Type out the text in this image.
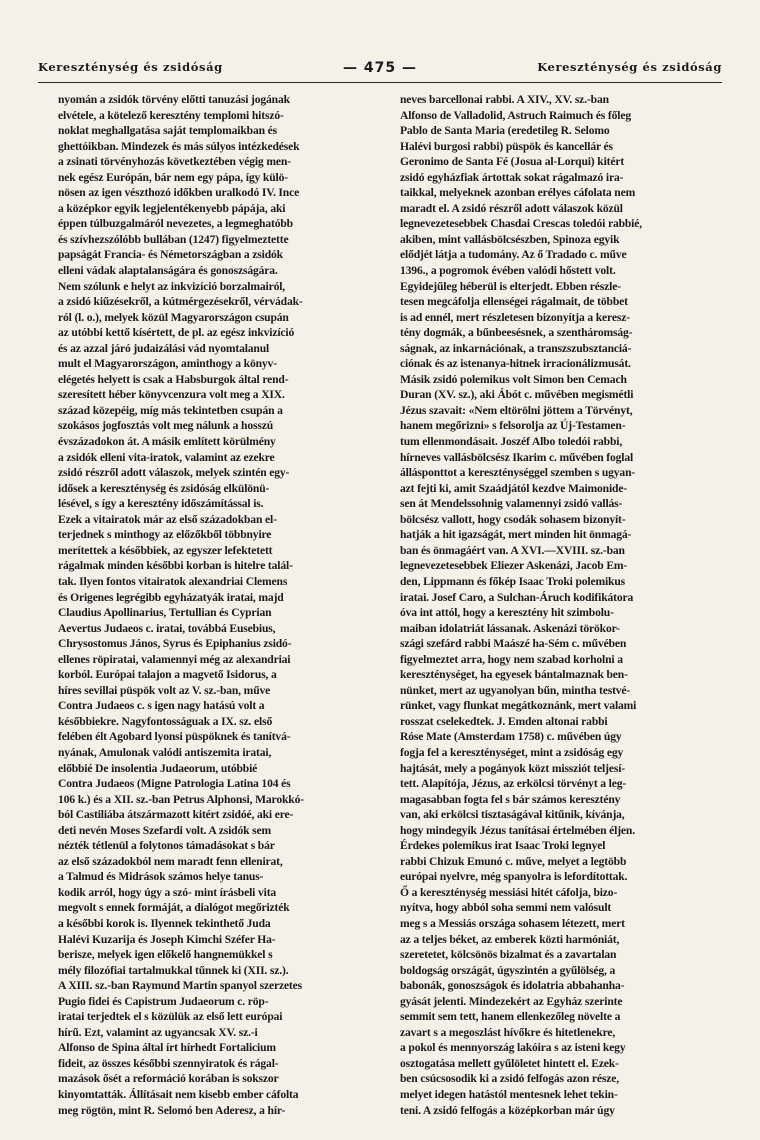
Kereszténység és zsidóság	— 475 —	Kereszténység és zsidóság
nyomán a zsidók törvény előtti tanuzási jogának
elvétele, a kötelező keresztény templomi hitszó-
noklat meghallgatása saját templomaikban és
ghettóikban. Mindezek és más súlyos intézkedések
a zsinati törvényhozás következtében végig men-
nek egész Európán, bár nem egy pápa, így külö-
nösen az igen vészthozó időkben uralkodó IV. Ince
a középkor egyik legjelentékenyebb pápája, aki
éppen túlbuzgalmáról nevezetes, a legmeghatóbb
és szívhezszólóbb bullában (1247) figyelmeztette
papságát Francia- és Németországban a zsidók
elleni vádak alaptalanságára és gonoszságára.
Nem szólunk e helyt az inkvizíció borzalmairól,
a zsidó kiűzésekről, a kútmérgezésekről, vérvádak-
ról (l. o.), melyek közül Magyarországon csupán
az utóbbi kettő kísértett, de pl. az egész inkvizíció
és az azzal járó judaizálási vád nyomtalanul
mult el Magyarországon, aminthogy a könyv-
elégetés helyett is csak a Habsburgok által rend-
szeresített héber könyvcenzura volt meg a XIX.
század közepéig, míg más tekintetben csupán a
szokásos jogfosztás volt meg nálunk a hosszú
évszázadokon át. A másik említett körülmény
a zsidók elleni vita-iratok, valamint az ezekre
zsidó részről adott válaszok, melyek szintén egy-
idősek a kereszténység és zsidóság elkülönü-
lésével, s így a keresztény időszámítással is.
Ezek a vitairatok már az első századokban el-
terjednek s minthogy az előzőkből többnyire
merítettek a későbbiek, az egyszer lefektetett
rágalmak minden későbbi korban is hitelre talál-
tak. Ilyen fontos vitairatok alexandriai Clemens
és Origenes legrégibb egyházatyák iratai, majd
Claudius Apollinarius, Tertullian és Cyprian
Aevertus Judaeos c. iratai, továbbá Eusebius,
Chrysostomus János, Syrus és Epiphanius zsidó-
ellenes röpiratai, valamennyi még az alexandriai
korból. Európai talajon a magvető Isidorus, a
híres sevillai püspök volt az V. sz.-ban, műve
Contra Judaeos c. s igen nagy hatású volt a
későbbiekre. Nagyfontosságuak a IX. sz. első
felében élt Agobard lyonsi püspöknek és tanítvá-
nyának, Amulonak valódi antiszemita iratai,
előbbié De insolentia Judaeorum, utóbbié
Contra Judaeos (Migne Patrologia Latina 104 és
106 k.) és a XII. sz.-ban Petrus Alphonsi, Marokkó-
ból Castiliába átszármazott kitért zsidóé, aki ere-
deti nevén Moses Szefardi volt. A zsidók sem
nézték tétlenül a folytonos támadásokat s bár
az első századokból nem maradt fenn ellenirat,
a Talmud és Midrások számos helye tanus-
kodik arról, hogy úgy a szó- mint írásbeli vita
megvolt s ennek formáját, a dialógot megőrizték
a későbbi korok is. Ilyennek tekinthető Juda
Halévi Kuzarija és Joseph Kimchi Széfer Ha-
berisze, melyek igen előkelő hangnemükkel s
mély filozófiai tartalmukkal tűnnek ki (XII. sz.).
A XIII. sz.-ban Raymund Martin spanyol szerzetes
Pugio fidei és Capistrum Judaeorum c. röp-
iratai terjedtek el s közülük az első lett európai
hírű. Ezt, valamint az ugyancsak XV. sz.-i
Alfonso de Spina által írt hírhedt Fortalicium
fideit, az összes későbbi szennyiratok és rágal-
mazások ősét a reformáció korában is sokszor
kinyomtatták. Állításait nem kisebb ember cáfolta
meg rögtön, mint R. Selomó ben Aderesz, a hír-
neves barcellonai rabbi. A XIV., XV. sz.-ban
Alfonso de Valladolid, Astruch Raimuch és főleg
Pablo de Santa Maria (eredetileg R. Selomo
Halévi burgosi rabbi) püspök és kancellár és
Geronimo de Santa Fé (Josua al-Lorqui) kitért
zsidó egyházfiak ártottak sokat rágalmazó ira-
taikkal, melyeknek azonban erélyes cáfolata nem
maradt el. A zsidó részről adott válaszok közül
legnevezetesebbek Chasdai Crescas toledói rabbié,
akiben, mint vallásbölcsészben, Spinoza egyik
elődjét látja a tudomány. Az ő Tradado c. műve
1396., a pogromok évében valódi hőstett volt.
Egyidejűleg héberül is elterjedt. Ebben részle-
tesen megcáfolja ellenségei rágalmait, de többet
is ad ennél, mert részletesen bizonyítja a keresz-
tény dogmák, a bűnbeesésnek, a szentháromság-
ságnak, az inkarnációnak, a transzszubsztanciá-
ciónak és az istenanya-hitnek irracionálizmusát.
Másik zsidó polemikus volt Simon ben Cemach
Duran (XV. sz.), aki Ábót c. művében megismétli
Jézus szavait: «Nem eltörölni jöttem a Törvényt,
hanem megőrizni» s felsorolja az Új-Testamen-
tum ellenmondásait. Joszéf Albo toledói rabbi,
hírneves vallásbölcsész Ikarim c. művében foglal
állásponttot a kereszténységgel szemben s ugyan-
azt fejti ki, amit Szaádjától kezdve Maimonide-
sen át Mendelssohnig valamennyi zsidó vallás-
bölcsész vallott, hogy csodák sohasem bizonyít-
hatják a hit igazságát, mert minden hit önmagá-
ban és önmagáért van. A XVI.—XVIII. sz.-ban
legnevezetesebbek Eliezer Askenázi, Jacob Em-
den, Lippmann és főkép Isaac Troki polemikus
iratai. Josef Caro, a Sulchan-Áruch kodifikátora
óva int attól, hogy a keresztény hit szimbolu-
maiban idolatriát lássanak. Askenázi törökor-
szági szefárd rabbi Maászé ha-Sém c. művében
figyelmeztet arra, hogy nem szabad korholni a
kereszténységet, ha egyesek bántalmaznak ben-
nünket, mert az ugyanolyan bűn, mintha testvé-
rünket, vagy flunkat megátkoznánk, mert valami
rosszat cselekedtek. J. Emden altonai rabbi
Róse Mate (Amsterdam 1758) c. művében úgy
fogja fel a kereszténységet, mint a zsidóság egy
hajtását, mely a pogányok közt missziót teljesí-
tett. Alapítója, Jézus, az erkölcsi törvényt a leg-
magasabban fogta fel s bár számos keresztény
van, aki erkölcsi tisztaságával kitűnik, kívánja,
hogy mindegyik Jézus tanításai értelmében éljen.
Érdekes polemikus irat Isaac Troki legnyel
rabbi Chizuk Emunó c. műve, melyet a legtöbb
európai nyelvre, még spanyolra is lefordítottak.
Ő a kereszténység messiási hitét cáfolja, bizo-
nyítva, hogy abból soha semmi nem valósult
meg s a Messiás országa sohasem létezett, mert
az a teljes béket, az emberek közti harmóniát,
szeretetet, kölcsönös bizalmat és a zavartalan
boldogság országát, úgyszintén a gyűlölség, a
babonák, gonoszságok és idolatria abbahanha-
gyását jelenti. Mindezekért az Egyház szerinte
semmit sem tett, hanem ellenkezőleg növelte a
zavart s a megoszlást hívőkre és hitetlenekre,
a pokol és mennyország lakóira s az isteni kegy
osztogatása mellett gyűlöletet hintett el. Ezek-
ben csúcsosodik ki a zsidó felfogás azon része,
melyet idegen hatástól mentesnek lehet tekin-
teni. A zsidó felfogás a középkorban már úgy
